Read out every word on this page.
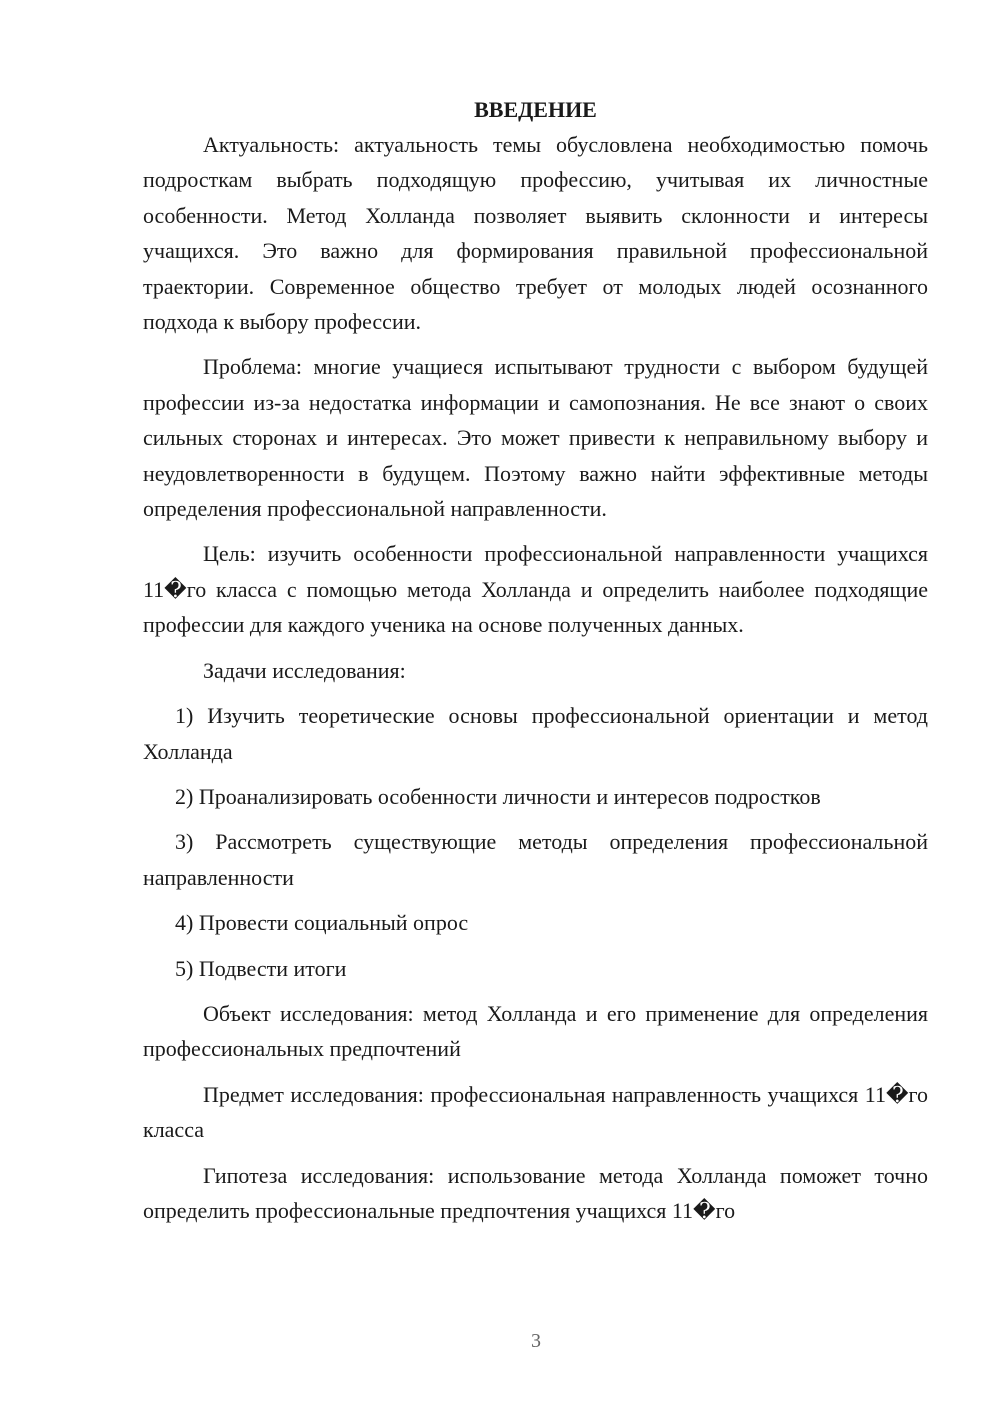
ВВЕДЕНИЕ

Актуальность: актуальность темы обусловлена необходимостью помочь подросткам выбрать подходящую профессию, учитывая их личностные особенности. Метод Холланда позволяет выявить склонности и интересы учащихся. Это важно для формирования правильной профессиональной траектории. Современное общество требует от молодых людей осознанного подхода к выбору профессии.

Проблема: многие учащиеся испытывают трудности с выбором будущей профессии из-за недостатка информации и самопознания. Не все знают о своих сильных сторонах и интересах. Это может привести к неправильному выбору и неудовлетворенности в будущем. Поэтому важно найти эффективные методы определения профессиональной направленности.

Цель: изучить особенности профессиональной направленности учащихся 11�го класса с помощью метода Холланда и определить наиболее подходящие профессии для каждого ученика на основе полученных данных.

Задачи исследования:

1) Изучить теоретические основы профессиональной ориентации и метод Холланда

2) Проанализировать особенности личности и интересов подростков

3) Рассмотреть существующие методы определения профессиональной направленности

4) Провести социальный опрос

5) Подвести итоги

Объект исследования: метод Холланда и его применение для определения профессиональных предпочтений

Предмет исследования: профессиональная направленность учащихся 11�го класса

Гипотеза исследования: использование метода Холланда поможет точно определить профессиональные предпочтения учащихся 11�го

3
